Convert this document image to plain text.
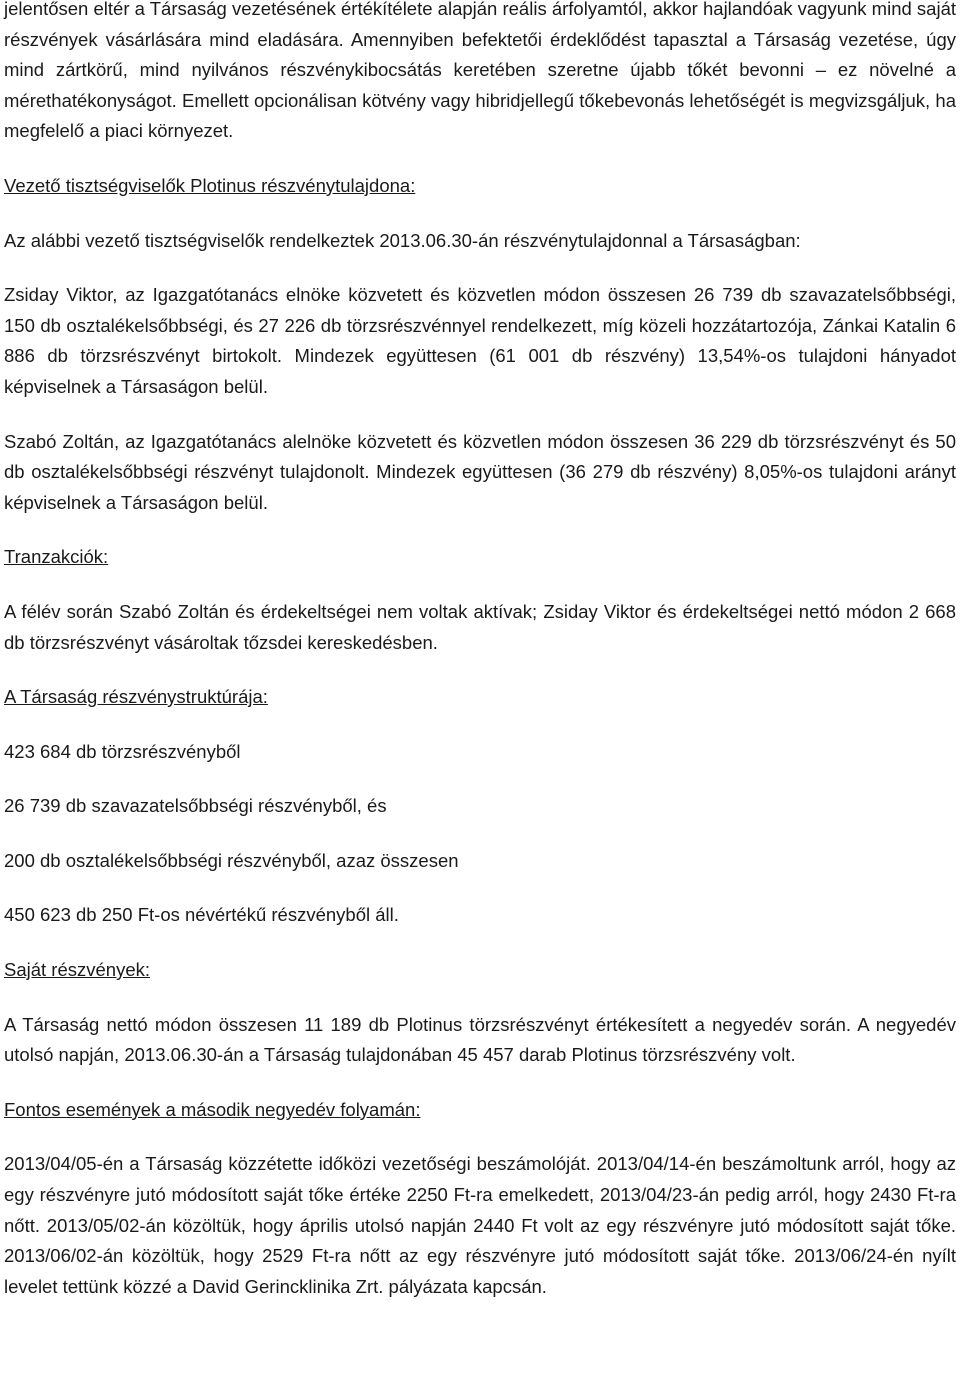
jelentősen eltér a Társaság vezetésének értékítélete alapján reális árfolyamtól, akkor hajlandóak vagyunk mind saját részvények vásárlására mind eladására. Amennyiben befektetői érdeklődést tapasztal a Társaság vezetése, úgy mind zártkörű, mind nyilvános részvénykibocsátás keretében szeretne újabb tőkét bevonni – ez növelné a mérethatékonyságot. Emellett opcionálisan kötvény vagy hibridjellegű tőkebevonás lehetőségét is megvizsgáljuk, ha megfelelő a piaci környezet.

Vezető tisztségviselők Plotinus részvénytulajdona:

Az alábbi vezető tisztségviselők rendelkeztek 2013.06.30-án részvénytulajdonnal a Társaságban:

Zsiday Viktor, az Igazgatótanács elnöke közvetett és közvetlen módon összesen 26 739 db szavazatelsőbbségi, 150 db osztalékelsőbbségi, és 27 226 db törzsrészvénnyel rendelkezett, míg közeli hozzátartozója, Zánkai Katalin 6 886 db törzsrészvényt birtokolt. Mindezek együttesen (61 001 db részvény) 13,54%-os tulajdoni hányadot képviselnek a Társaságon belül.

Szabó Zoltán, az Igazgatótanács alelnöke közvetett és közvetlen módon összesen 36 229 db törzsrészvényt és 50 db osztalékelsőbbségi részvényt tulajdonolt. Mindezek együttesen (36 279 db részvény) 8,05%-os tulajdoni arányt képviselnek a Társaságon belül.

Tranzakciók:

A félév során Szabó Zoltán és érdekeltségei nem voltak aktívak; Zsiday Viktor és érdekeltségei nettó módon 2 668 db törzsrészvényt vásároltak tőzsdei kereskedésben.

A Társaság részvénystruktúrája:

423 684 db törzsrészvényből

26 739 db szavazatelsőbbségi részvényből, és

200 db osztalékelsőbbségi részvényből, azaz összesen

450 623 db 250 Ft-os névértékű részvényből áll.

Saját részvények:

A Társaság nettó módon összesen 11 189 db Plotinus törzsrészvényt értékesített a negyedév során. A negyedév utolsó napján, 2013.06.30-án a Társaság tulajdonában 45 457 darab Plotinus törzsrészvény volt.

Fontos események a második negyedév folyamán:

2013/04/05-én a Társaság közzétette időközi vezetőségi beszámolóját. 2013/04/14-én beszámoltunk arról, hogy az egy részvényre jutó módosított saját tőke értéke 2250 Ft-ra emelkedett, 2013/04/23-án pedig arról, hogy 2430 Ft-ra nőtt. 2013/05/02-án közöltük, hogy április utolsó napján 2440 Ft volt az egy részvényre jutó módosított saját tőke. 2013/06/02-án közöltük, hogy 2529 Ft-ra nőtt az egy részvényre jutó módosított saját tőke. 2013/06/24-én nyílt levelet tettünk közzé a David Gerincklinika Zrt. pályázata kapcsán.
